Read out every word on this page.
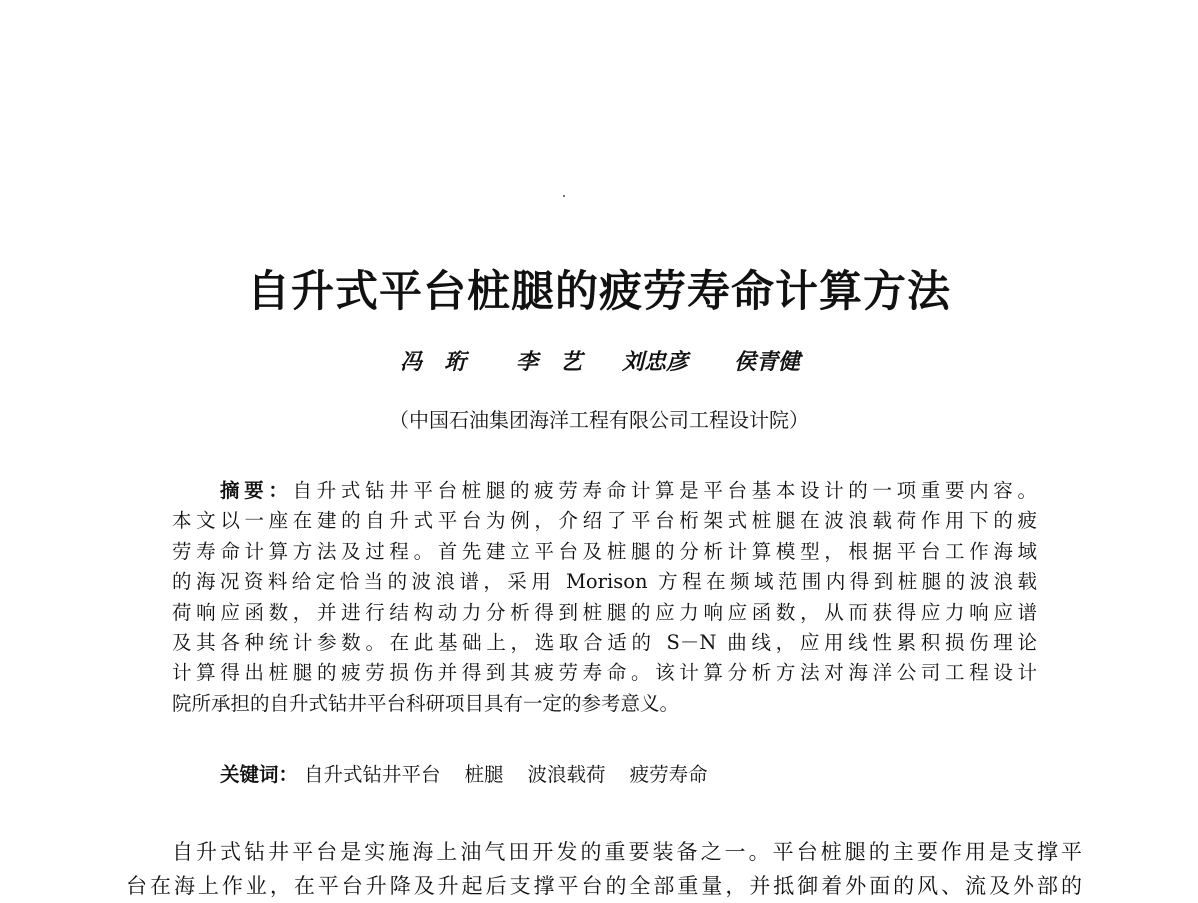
自升式平台桩腿的疲劳寿命计算方法
冯　珩 李　艺 刘忠彦 侯青健
（中国石油集团海洋工程有限公司工程设计院）
摘要：自升式钻井平台桩腿的疲劳寿命计算是平台基本设计的一项重要内容。
本文以一座在建的自升式平台为例，介绍了平台桁架式桩腿在波浪载荷作用下的疲
劳寿命计算方法及过程。首先建立平台及桩腿的分析计算模型，根据平台工作海域
的海况资料给定恰当的波浪谱，采用 Morison 方程在频域范围内得到桩腿的波浪载
荷响应函数，并进行结构动力分析得到桩腿的应力响应函数，从而获得应力响应谱
及其各种统计参数。在此基础上，选取合适的 S－N 曲线，应用线性累积损伤理论
计算得出桩腿的疲劳损伤并得到其疲劳寿命。该计算分析方法对海洋公司工程设计
院所承担的自升式钻井平台科研项目具有一定的参考意义。
关键词： 自升式钻井平台 桩腿 波浪载荷 疲劳寿命
自升式钻井平台是实施海上油气田开发的重要装备之一。平台桩腿的主要作用是支撑平
台在海上作业，在平台升降及升起后支撑平台的全部重量，并抵御着外面的风、流及外部的
